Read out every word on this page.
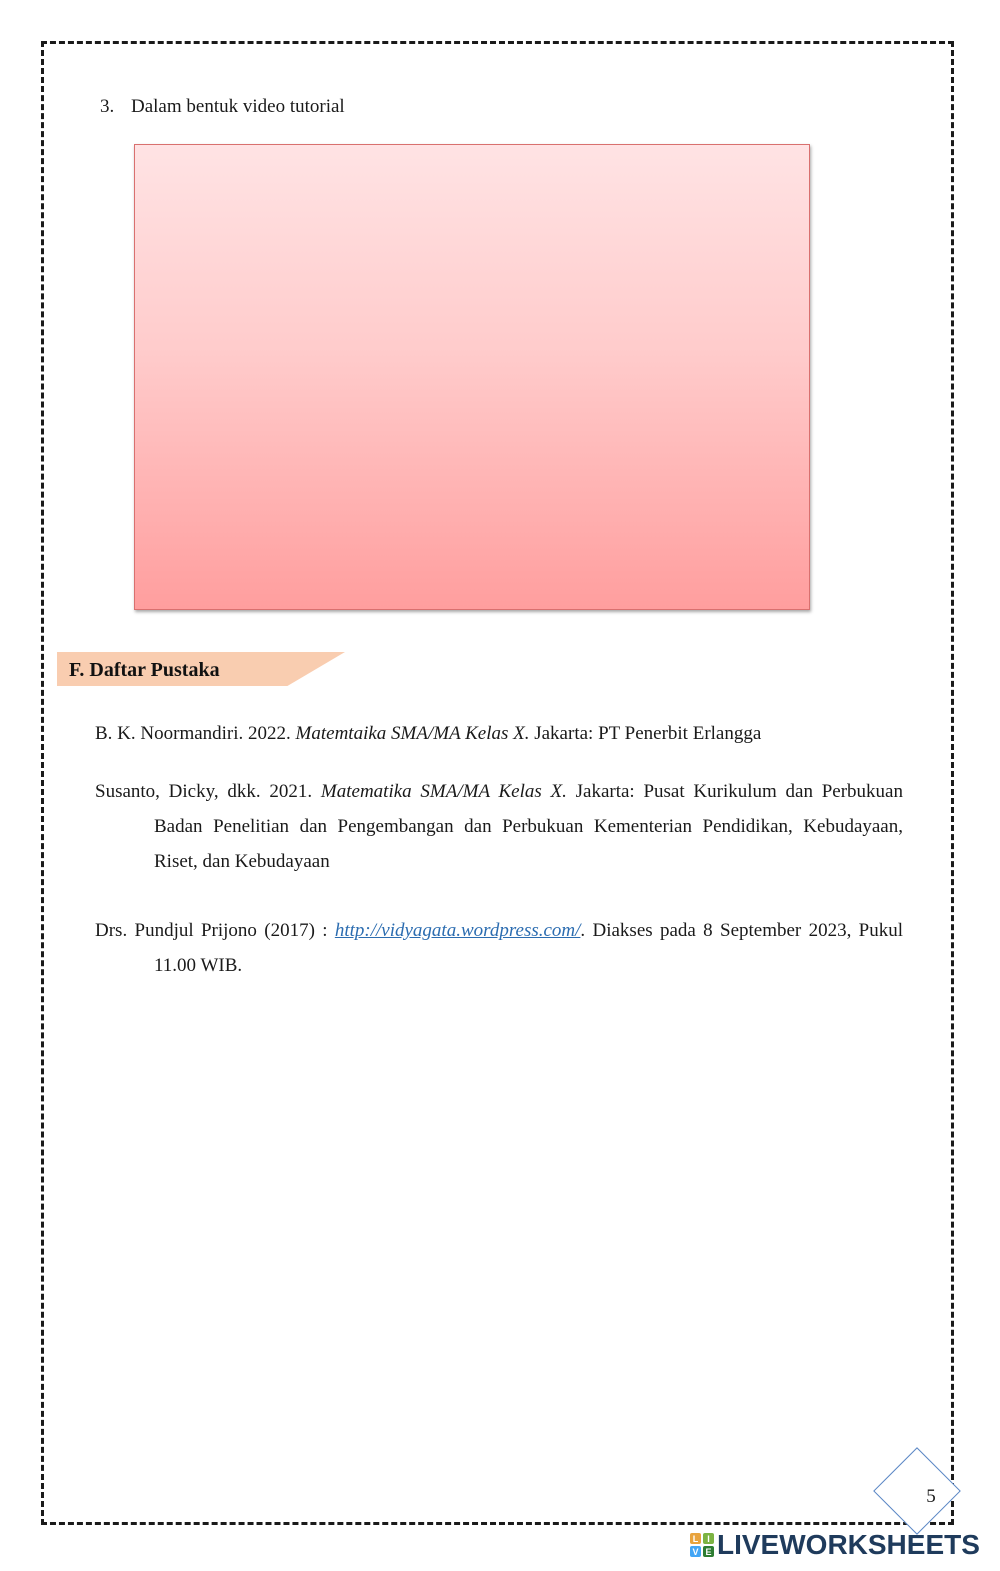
3. Dalam bentuk video tutorial
F. Daftar Pustaka
B. K. Noormandiri. 2022. Matemtaika SMA/MA Kelas X. Jakarta: PT Penerbit Erlangga
Susanto, Dicky, dkk. 2021. Matematika SMA/MA Kelas X. Jakarta: Pusat Kurikulum dan Perbukuan Badan Penelitian dan Pengembangan dan Perbukuan Kementerian Pendidikan, Kebudayaan, Riset, dan Kebudayaan
Drs. Pundjul Prijono (2017) : http://vidyagata.wordpress.com/. Diakses pada 8 September 2023, Pukul 11.00 WIB.
5
L I
V E LIVEWORKSHEETS
